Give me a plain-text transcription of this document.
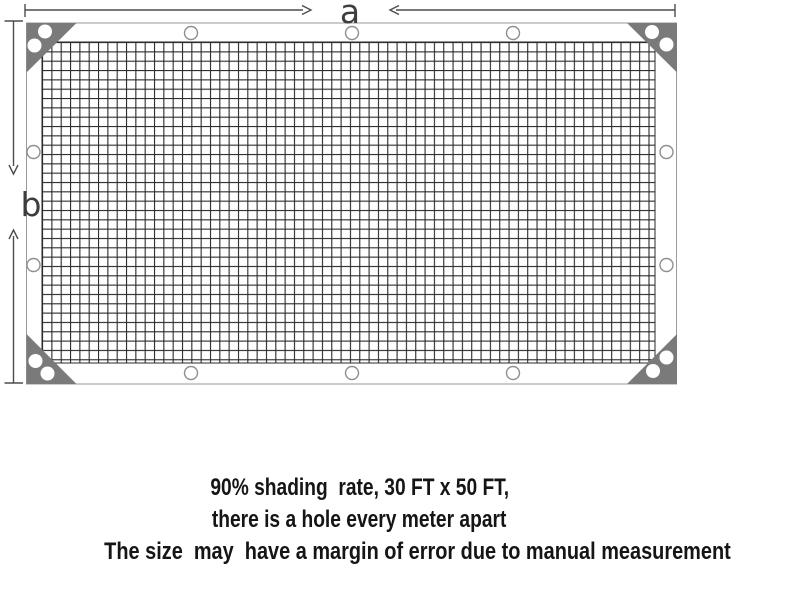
a
b

90% shading  rate, 30 FT x 50 FT,

there is a hole every meter apart

The size  may  have a margin of error due to manual measurement
